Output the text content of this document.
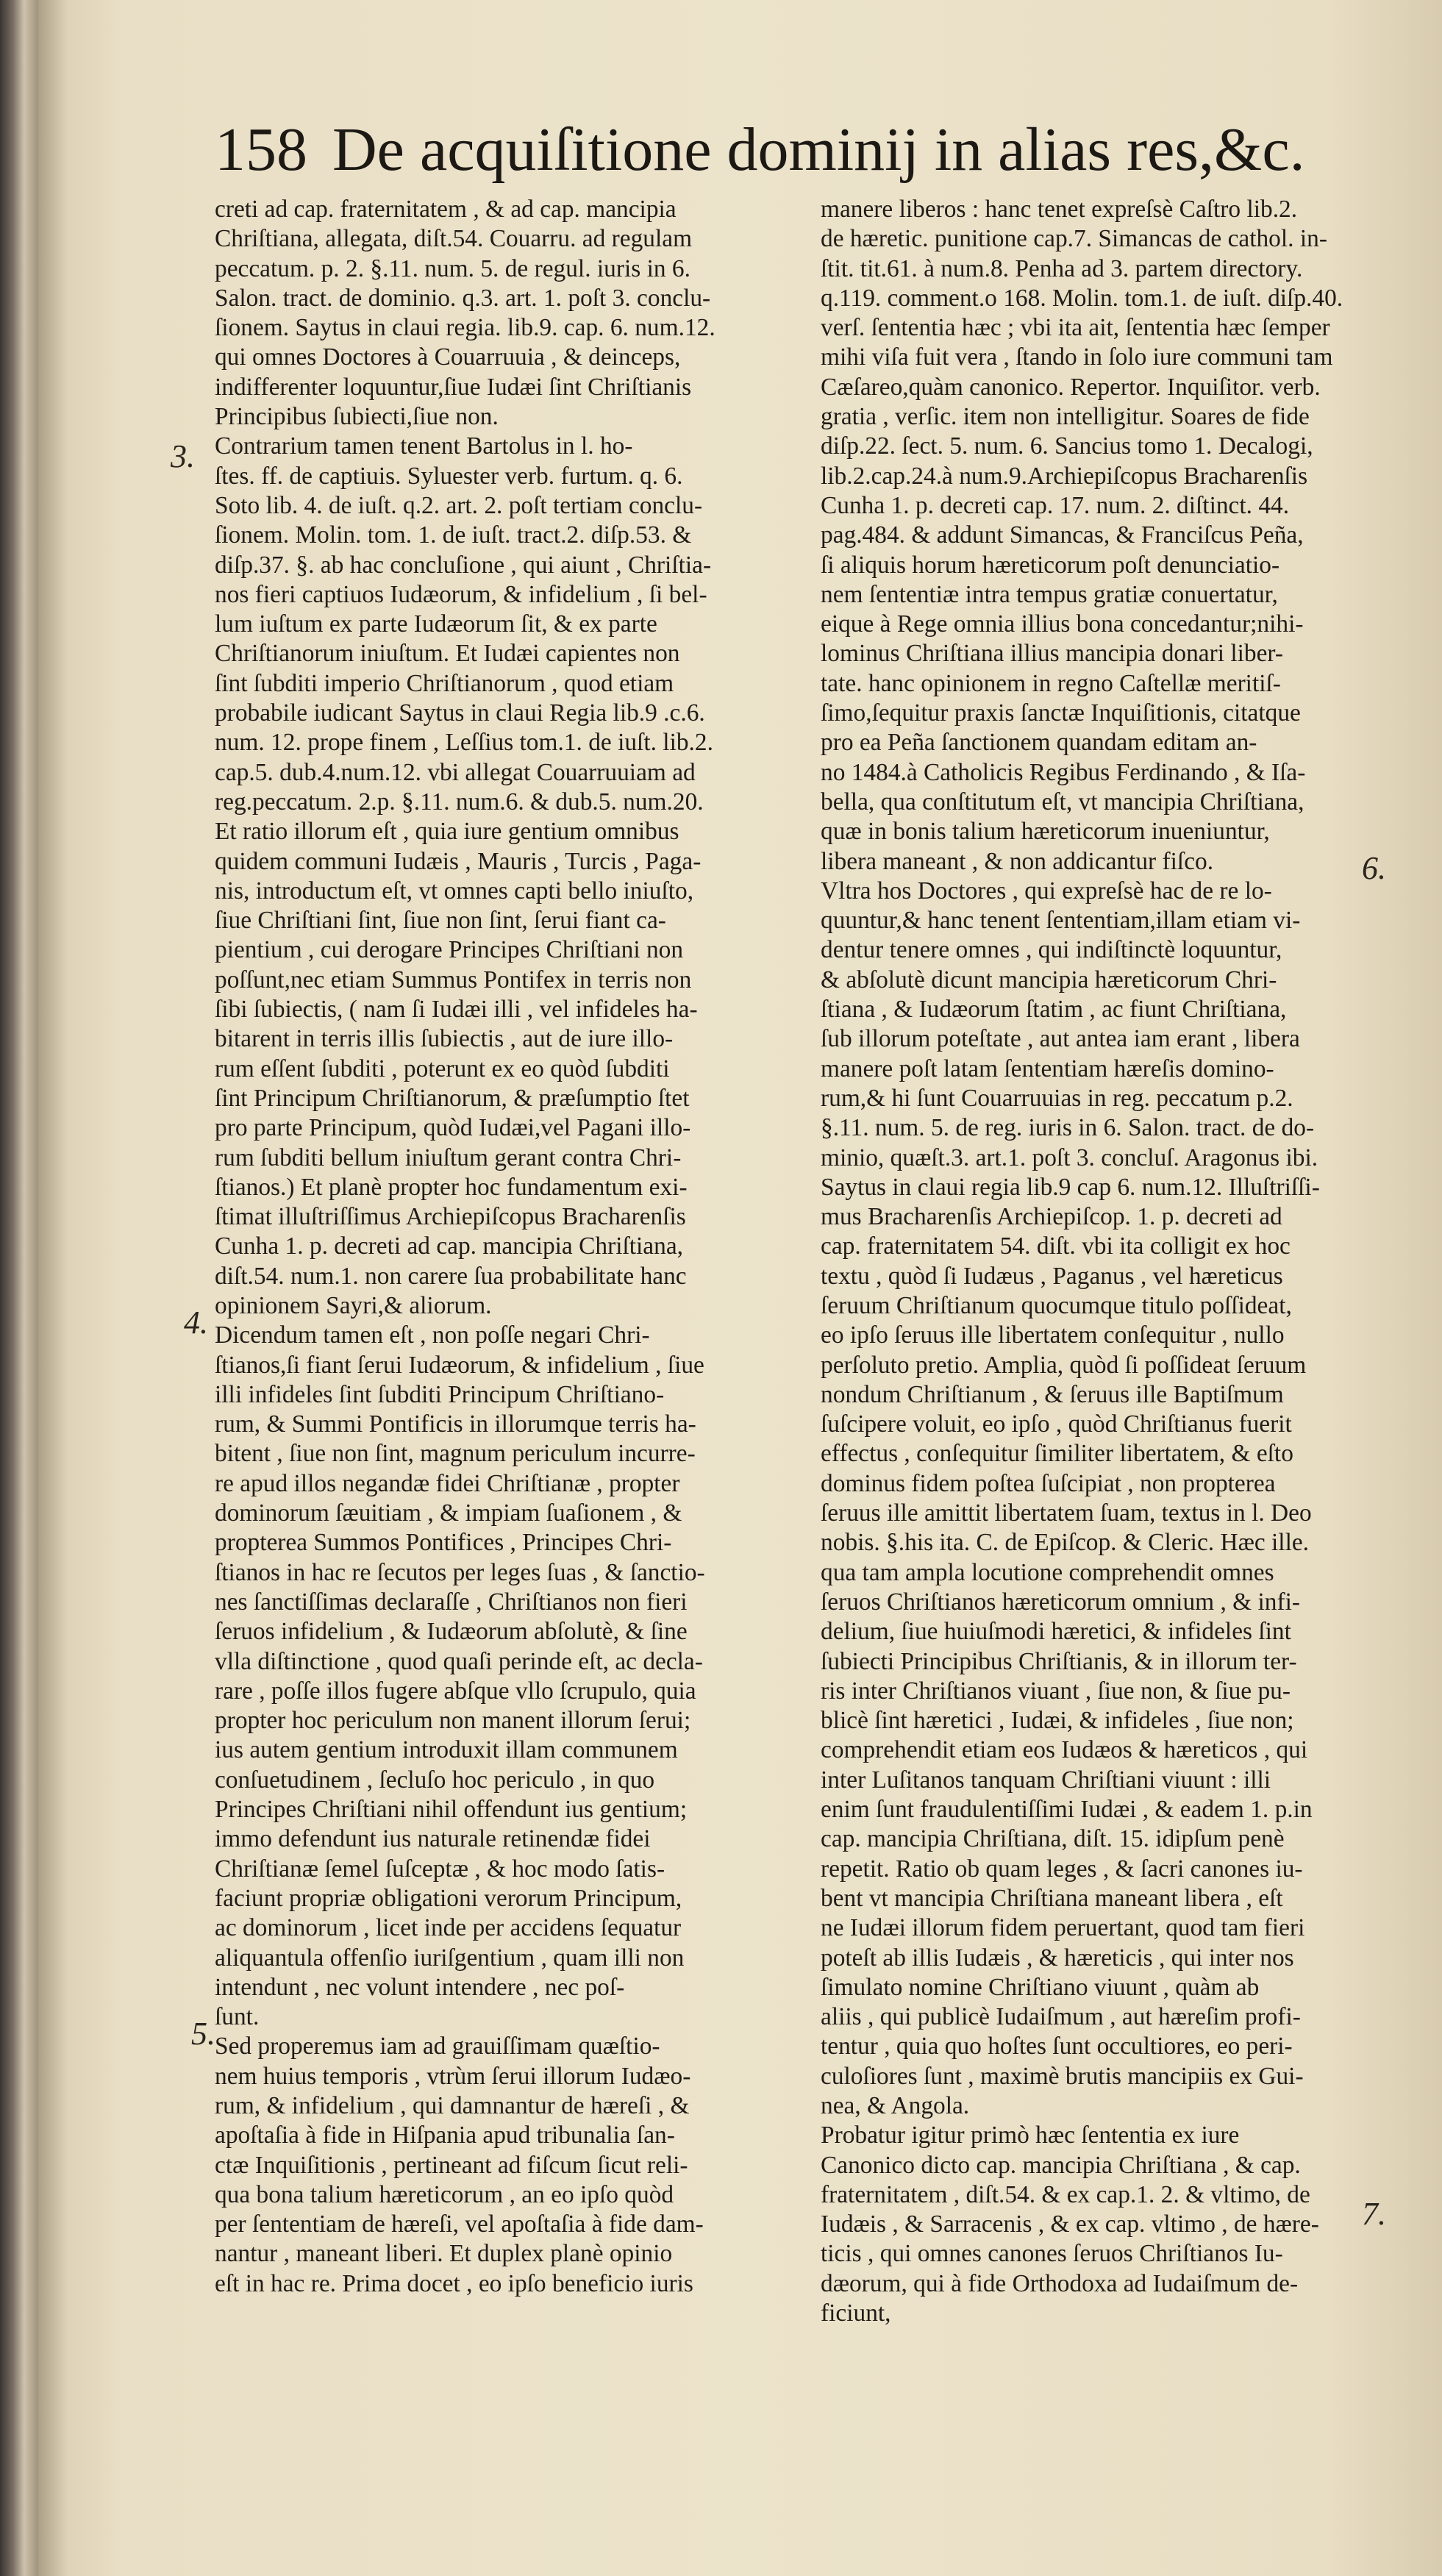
158 De acquiſitione dominij in alias res,&c.
creti ad cap. fraternitatem , & ad cap. mancipia
Chriſtiana, allegata, diſt.54. Couarru. ad regulam
peccatum. p. 2. §.11. num. 5. de regul. iuris in 6.
Salon. tract. de dominio. q.3. art. 1. poſt 3. conclu-
ſionem. Saytus in claui regia. lib.9. cap. 6. num.12.
qui omnes Doctores à Couarruuia , & deinceps,
indifferenter loquuntur,ſiue Iudæi ſint Chriſtianis
Principibus ſubiecti,ſiue non.
Contrarium tamen tenent Bartolus in l. ho-
ſtes. ff. de captiuis. Syluester verb. furtum. q. 6.
Soto lib. 4. de iuſt. q.2. art. 2. poſt tertiam conclu-
ſionem. Molin. tom. 1. de iuſt. tract.2. diſp.53. &
diſp.37. §. ab hac concluſione , qui aiunt , Chriſtia-
nos fieri captiuos Iudæorum, & infidelium , ſi bel-
lum iuſtum ex parte Iudæorum ſit, & ex parte
Chriſtianorum iniuſtum. Et Iudæi capientes non
ſint ſubditi imperio Chriſtianorum , quod etiam
probabile iudicant Saytus in claui Regia lib.9 .c.6.
num. 12. prope finem , Leſſius tom.1. de iuſt. lib.2.
cap.5. dub.4.num.12. vbi allegat Couarruuiam ad
reg.peccatum. 2.p. §.11. num.6. & dub.5. num.20.
Et ratio illorum eſt , quia iure gentium omnibus
quidem communi Iudæis , Mauris , Turcis , Paga-
nis, introductum eſt, vt omnes capti bello iniuſto,
ſiue Chriſtiani ſint, ſiue non ſint, ſerui fiant ca-
pientium , cui derogare Principes Chriſtiani non
poſſunt,nec etiam Summus Pontifex in terris non
ſibi ſubiectis, ( nam ſi Iudæi illi , vel infideles ha-
bitarent in terris illis ſubiectis , aut de iure illo-
rum eſſent ſubditi , poterunt ex eo quòd ſubditi
ſint Principum Chriſtianorum, & præſumptio ſtet
pro parte Principum, quòd Iudæi,vel Pagani illo-
rum ſubditi bellum iniuſtum gerant contra Chri-
ſtianos.) Et planè propter hoc fundamentum exi-
ſtimat illuſtriſſimus Archiepiſcopus Bracharenſis
Cunha 1. p. decreti ad cap. mancipia Chriſtiana,
diſt.54. num.1. non carere ſua probabilitate hanc
opinionem Sayri,& aliorum.
Dicendum tamen eſt , non poſſe negari Chri-
ſtianos,ſi fiant ſerui Iudæorum, & infidelium , ſiue
illi infideles ſint ſubditi Principum Chriſtiano-
rum, & Summi Pontificis in illorumque terris ha-
bitent , ſiue non ſint, magnum periculum incurre-
re apud illos negandæ fidei Chriſtianæ , propter
dominorum ſæuitiam , & impiam ſuaſionem , &
propterea Summos Pontifices , Principes Chri-
ſtianos in hac re ſecutos per leges ſuas , & ſanctio-
nes ſanctiſſimas declaraſſe , Chriſtianos non fieri
ſeruos infidelium , & Iudæorum abſolutè, & ſine
vlla diſtinctione , quod quaſi perinde eſt, ac decla-
rare , poſſe illos fugere abſque vllo ſcrupulo, quia
propter hoc periculum non manent illorum ſerui;
ius autem gentium introduxit illam communem
conſuetudinem , ſecluſo hoc periculo , in quo
Principes Chriſtiani nihil offendunt ius gentium;
immo defendunt ius naturale retinendæ fidei
Chriſtianæ ſemel ſuſceptæ , & hoc modo ſatis-
faciunt propriæ obligationi verorum Principum,
ac dominorum , licet inde per accidens ſequatur
aliquantula offenſio iuriſgentium , quam illi non
intendunt , nec volunt intendere , nec poſ-
ſunt.
Sed properemus iam ad grauiſſimam quæſtio-
nem huius temporis , vtrùm ſerui illorum Iudæo-
rum, & infidelium , qui damnantur de hæreſi , &
apoſtaſia à fide in Hiſpania apud tribunalia ſan-
ctæ Inquiſitionis , pertineant ad fiſcum ſicut reli-
qua bona talium hæreticorum , an eo ipſo quòd
per ſententiam de hæreſi, vel apoſtaſia à fide dam-
nantur , maneant liberi. Et duplex planè opinio
eſt in hac re. Prima docet , eo ipſo beneficio iuris
manere liberos : hanc tenet expreſsè Caſtro lib.2.
de hæretic. punitione cap.7. Simancas de cathol. in-
ſtit. tit.61. à num.8. Penha ad 3. partem directory.
q.119. comment.o 168. Molin. tom.1. de iuſt. diſp.40.
verſ. ſententia hæc ; vbi ita ait, ſententia hæc ſemper
mihi viſa fuit vera , ſtando in ſolo iure communi tam
Cæſareo,quàm canonico. Repertor. Inquiſitor. verb.
gratia , verſic. item non intelligitur. Soares de fide
diſp.22. ſect. 5. num. 6. Sancius tomo 1. Decalogi,
lib.2.cap.24.à num.9.Archiepiſcopus Bracharenſis
Cunha 1. p. decreti cap. 17. num. 2. diſtinct. 44.
pag.484. & addunt Simancas, & Franciſcus Peña,
ſi aliquis horum hæreticorum poſt denunciatio-
nem ſententiæ intra tempus gratiæ conuertatur,
eique à Rege omnia illius bona concedantur;nihi-
lominus Chriſtiana illius mancipia donari liber-
tate. hanc opinionem in regno Caſtellæ meritiſ-
ſimo,ſequitur praxis ſanctæ Inquiſitionis, citatque
pro ea Peña ſanctionem quandam editam an-
no 1484.à Catholicis Regibus Ferdinando , & Iſa-
bella, qua conſtitutum eſt, vt mancipia Chriſtiana,
quæ in bonis talium hæreticorum inueniuntur,
libera maneant , & non addicantur fiſco.
Vltra hos Doctores , qui expreſsè hac de re lo-
quuntur,& hanc tenent ſententiam,illam etiam vi-
dentur tenere omnes , qui indiſtinctè loquuntur,
& abſolutè dicunt mancipia hæreticorum Chri-
ſtiana , & Iudæorum ſtatim , ac fiunt Chriſtiana,
ſub illorum poteſtate , aut antea iam erant , libera
manere poſt latam ſententiam hæreſis domino-
rum,& hi ſunt Couarruuias in reg. peccatum p.2.
§.11. num. 5. de reg. iuris in 6. Salon. tract. de do-
minio, quæſt.3. art.1. poſt 3. concluſ. Aragonus ibi.
Saytus in claui regia lib.9 cap 6. num.12. Illuſtriſſi-
mus Bracharenſis Archiepiſcop. 1. p. decreti ad
cap. fraternitatem 54. diſt. vbi ita colligit ex hoc
textu , quòd ſi Iudæus , Paganus , vel hæreticus
ſeruum Chriſtianum quocumque titulo poſſideat,
eo ipſo ſeruus ille libertatem conſequitur , nullo
perſoluto pretio. Amplia, quòd ſi poſſideat ſeruum
nondum Chriſtianum , & ſeruus ille Baptiſmum
ſuſcipere voluit, eo ipſo , quòd Chriſtianus fuerit
effectus , conſequitur ſimiliter libertatem, & eſto
dominus fidem poſtea ſuſcipiat , non propterea
ſeruus ille amittit libertatem ſuam, textus in l. Deo
nobis. §.his ita. C. de Epiſcop. & Cleric. Hæc ille.
qua tam ampla locutione comprehendit omnes
ſeruos Chriſtianos hæreticorum omnium , & infi-
delium, ſiue huiuſmodi hæretici, & infideles ſint
ſubiecti Principibus Chriſtianis, & in illorum ter-
ris inter Chriſtianos viuant , ſiue non, & ſiue pu-
blicè ſint hæretici , Iudæi, & infideles , ſiue non;
comprehendit etiam eos Iudæos & hæreticos , qui
inter Luſitanos tanquam Chriſtiani viuunt : illi
enim ſunt fraudulentiſſimi Iudæi , & eadem 1. p.in
cap. mancipia Chriſtiana, diſt. 15. idipſum penè
repetit. Ratio ob quam leges , & ſacri canones iu-
bent vt mancipia Chriſtiana maneant libera , eſt
ne Iudæi illorum fidem peruertant, quod tam fieri
poteſt ab illis Iudæis , & hæreticis , qui inter nos
ſimulato nomine Chriſtiano viuunt , quàm ab
aliis , qui publicè Iudaiſmum , aut hæreſim profi-
tentur , quia quo hoſtes ſunt occultiores, eo peri-
culoſiores ſunt , maximè brutis mancipiis ex Gui-
nea, & Angola.
Probatur igitur primò hæc ſententia ex iure
Canonico dicto cap. mancipia Chriſtiana , & cap.
fraternitatem , diſt.54. & ex cap.1. 2. & vltimo, de
Iudæis , & Sarracenis , & ex cap. vltimo , de hære-
ticis , qui omnes canones ſeruos Chriſtianos Iu-
dæorum, qui à fide Orthodoxa ad Iudaiſmum de-
ficiunt,
3.
4.
5.
6.
7.
